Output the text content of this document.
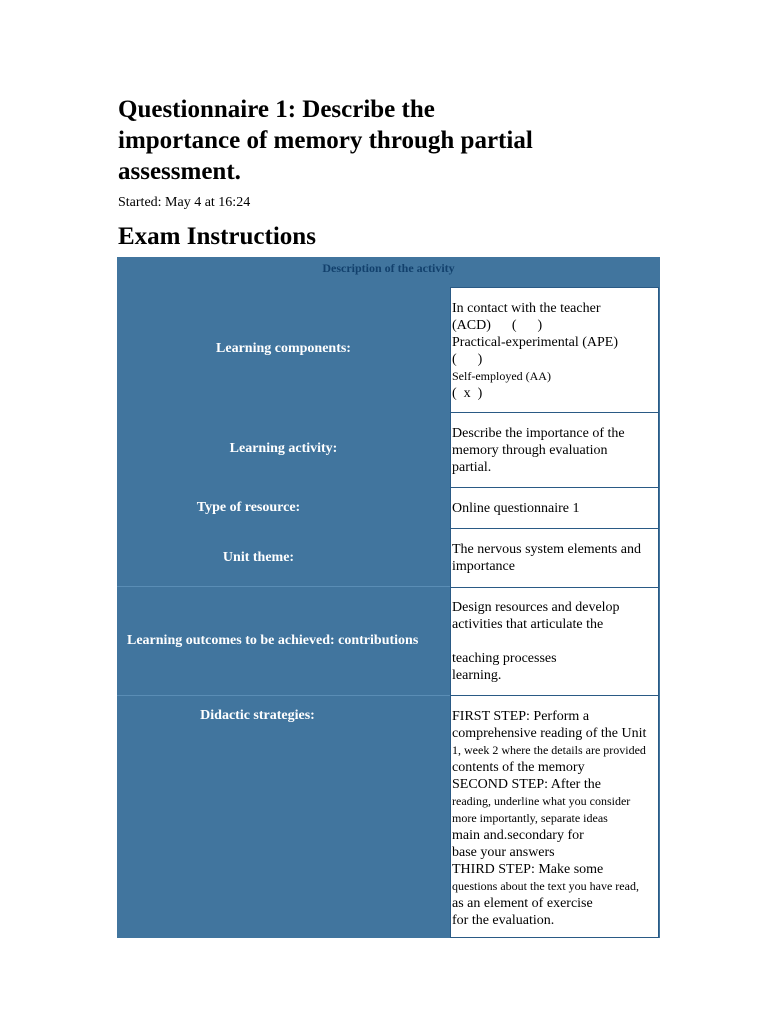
Questionnaire 1: Describe the importance of memory through partial assessment.
Started: May 4 at 16:24
Exam Instructions
Description of the activity
Learning components:
In contact with the teacher
(ACD)      (      )
Practical-experimental (APE)
(      )
Self-employed (AA)
(  x  )
Learning activity:
Describe the importance of the
memory through evaluation
partial.
Type of resource:	Online questionnaire 1
Unit theme:
The nervous system elements and
importance
Learning outcomes to be achieved: contributions
Design resources and develop
activities that articulate the
teaching processes
learning.
Didactic strategies:	FIRST STEP: Perform a
comprehensive reading of the Unit
1, week 2 where the details are provided
contents of the memory
SECOND STEP: After the
reading, underline what you consider
more importantly, separate ideas
main and.secondary for
base your answers
THIRD STEP: Make some
questions about the text you have read,
as an element of exercise
for the evaluation.
